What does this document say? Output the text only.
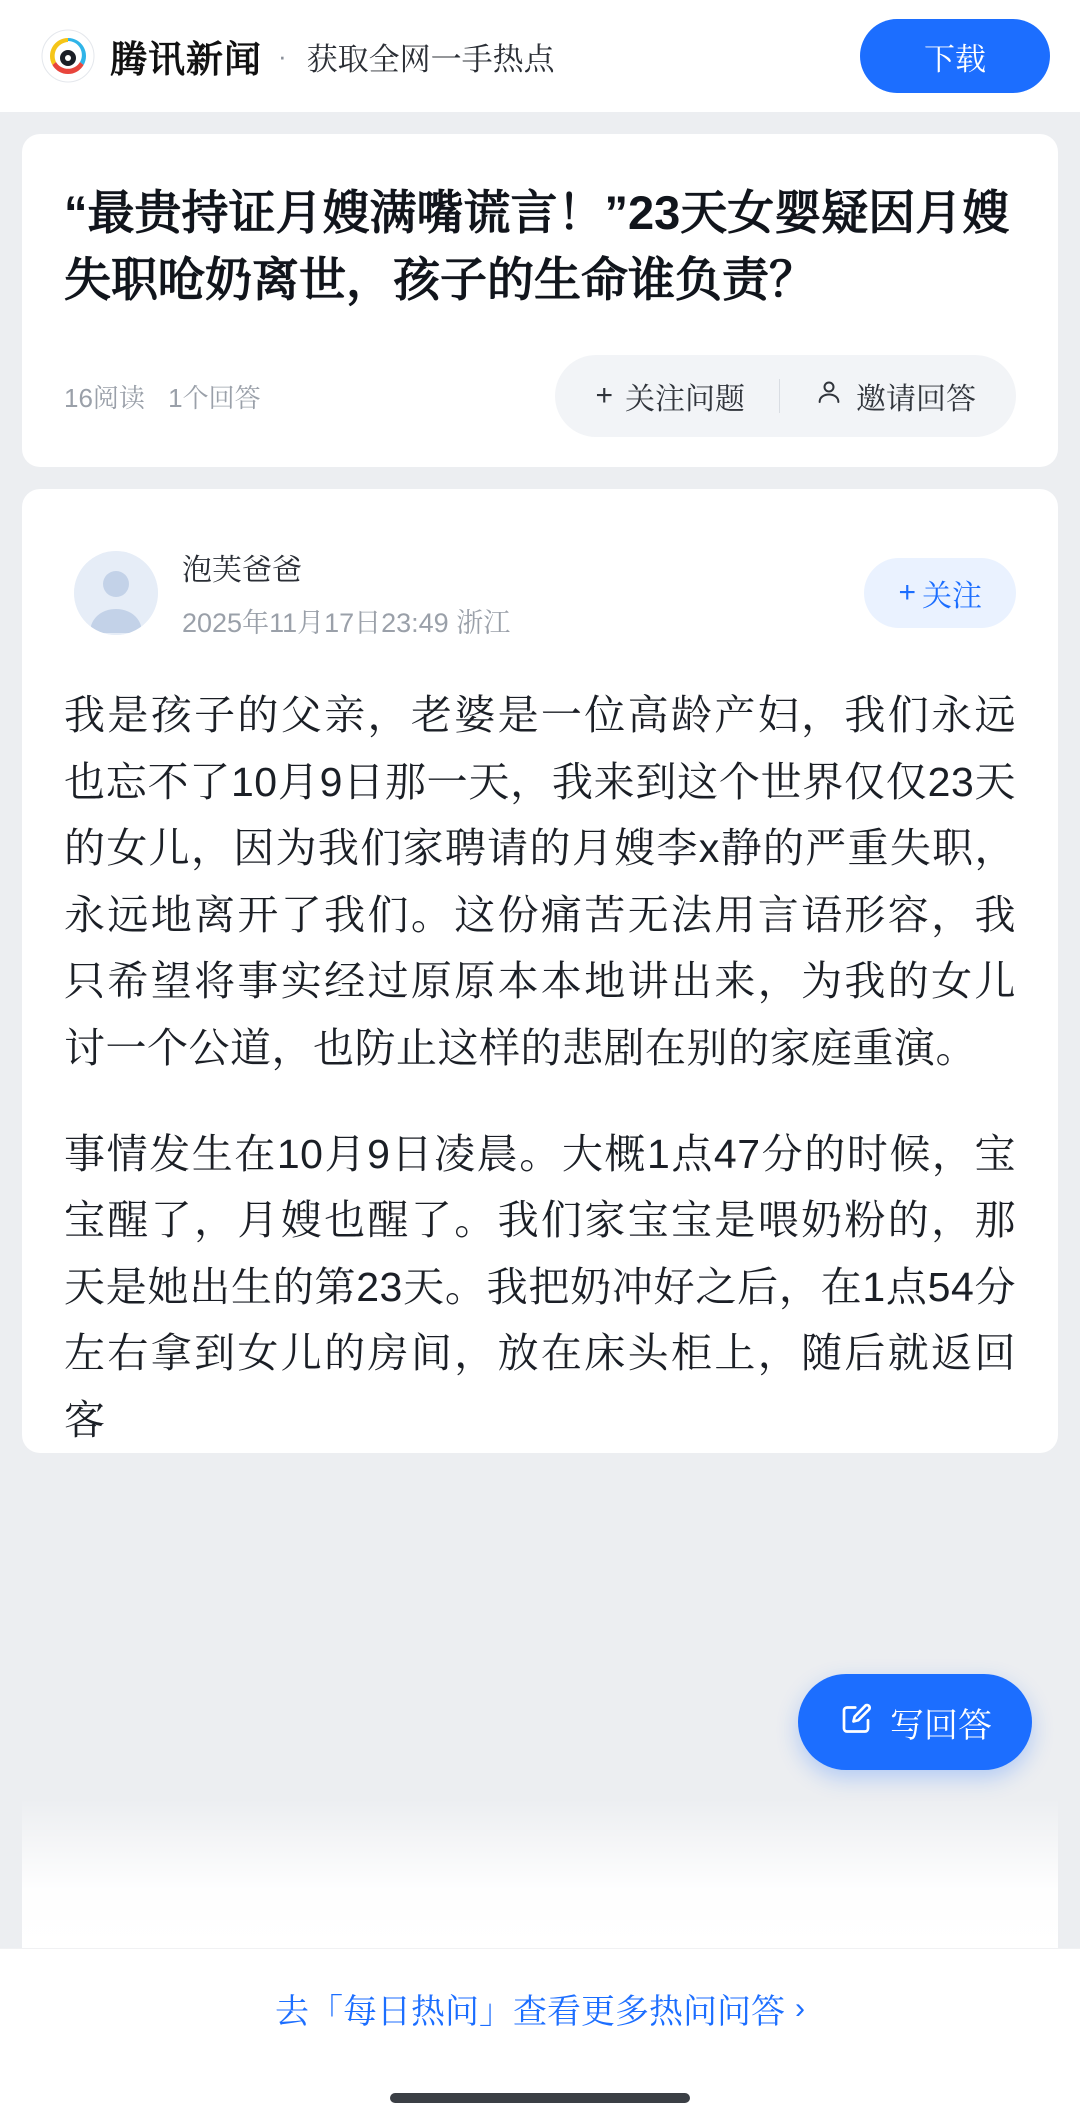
腾讯新闻 · 获取全网一手热点	下载
“最贵持证月嫂满嘴谎言！”23天女婴疑因月嫂失职呛奶离世，孩子的生命谁负责？
16阅读 1个回答	+ 关注问题	邀请回答
泡芙爸爸
2025年11月17日23:49 浙江
+ 关注

我是孩子的父亲，老婆是一位高龄产妇，我们永远也忘不了10月9日那一天，我来到这个世界仅仅23天的女儿，因为我们家聘请的月嫂李x静的严重失职，永远地离开了我们。这份痛苦无法用言语形容，我只希望将事实经过原原本本地讲出来，为我的女儿讨一个公道，也防止这样的悲剧在别的家庭重演。

事情发生在10月9日凌晨。大概1点47分的时候，宝宝醒了，月嫂也醒了。我们家宝宝是喂奶粉的，那天是她出生的第23天。我把奶冲好之后，在1点54分左右拿到女儿的房间，放在床头柜上，随后就返回客

写回答
去「每日热问」查看更多热问问答 ›
